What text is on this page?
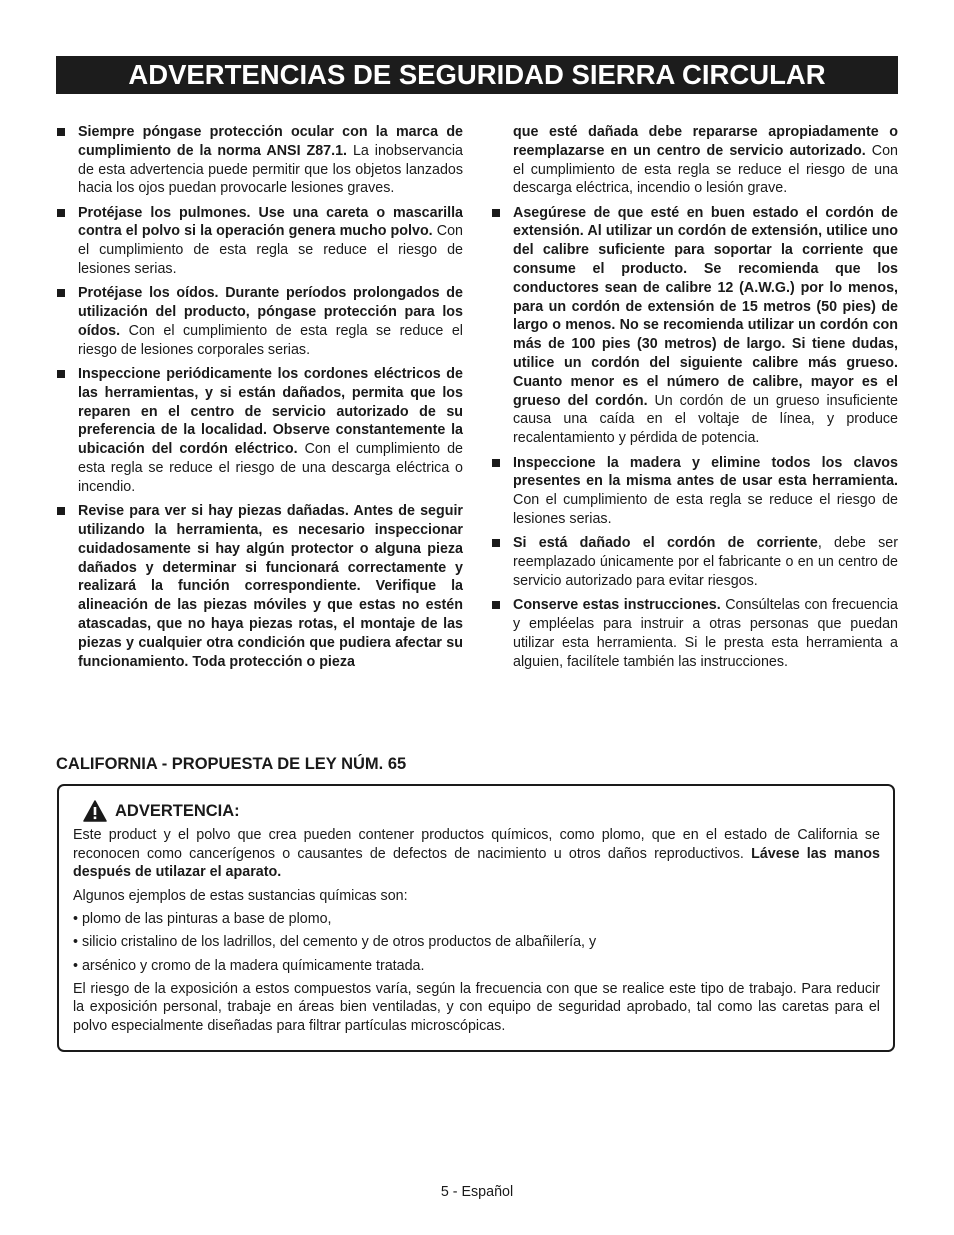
ADVERTENCIAS DE SEGURIDAD SIERRA CIRCULAR
Siempre póngase protección ocular con la marca de cumplimiento de la norma ANSI Z87.1. La inobservancia de esta advertencia puede permitir que los objetos lanzados hacia los ojos puedan provocarle lesiones graves.
Protéjase los pulmones. Use una careta o mascarilla contra el polvo si la operación genera mucho polvo. Con el cumplimiento de esta regla se reduce el riesgo de lesiones serias.
Protéjase los oídos. Durante períodos prolongados de utilización del producto, póngase protección para los oídos. Con el cumplimiento de esta regla se reduce el riesgo de lesiones corporales serias.
Inspeccione periódicamente los cordones eléctricos de las herramientas, y si están dañados, permita que los reparen en el centro de servicio autorizado de su preferencia de la localidad. Observe constantemente la ubicación del cordón eléctrico. Con el cumplimiento de esta regla se reduce el riesgo de una descarga eléctrica o incendio.
Revise para ver si hay piezas dañadas. Antes de seguir utilizando la herramienta, es necesario inspeccionar cuidadosamente si hay algún protector o alguna pieza dañados y determinar si funcionará correctamente y realizará la función correspondiente. Verifique la alineación de las piezas móviles y que estas no estén atascadas, que no haya piezas rotas, el montaje de las piezas y cualquier otra condición que pudiera afectar su funcionamiento. Toda protección o pieza
que esté dañada debe repararse apropiadamente o reemplazarse en un centro de servicio autorizado. Con el cumplimiento de esta regla se reduce el riesgo de una descarga eléctrica, incendio o lesión grave.
Asegúrese de que esté en buen estado el cordón de extensión. Al utilizar un cordón de extensión, utilice uno del calibre suficiente para soportar la corriente que consume el producto. Se recomienda que los conductores sean de calibre 12 (A.W.G.) por lo menos, para un cordón de extensión de 15 metros (50 pies) de largo o menos. No se recomienda utilizar un cordón con más de 100 pies (30 metros) de largo. Si tiene dudas, utilice un cordón del siguiente calibre más grueso. Cuanto menor es el número de calibre, mayor es el grueso del cordón. Un cordón de un grueso insuficiente causa una caída en el voltaje de línea, y produce recalentamiento y pérdida de potencia.
Inspeccione la madera y elimine todos los clavos presentes en la misma antes de usar esta herramienta. Con el cumplimiento de esta regla se reduce el riesgo de lesiones serias.
Si está dañado el cordón de corriente, debe ser reemplazado únicamente por el fabricante o en un centro de servicio autorizado para evitar riesgos.
Conserve estas instrucciones. Consúltelas con frecuencia y empléelas para instruir a otras personas que puedan utilizar esta herramienta. Si le presta esta herramienta a alguien, facilítele también las instrucciones.
CALIFORNIA - PROPUESTA DE LEY NÚM. 65
ADVERTENCIA:

Este product y el polvo que crea pueden contener productos químicos, como plomo, que en el estado de California se reconocen como cancerígenos o causantes de defectos de nacimiento u otros daños reproductivos. Lávese las manos después de utilazar el aparato.

Algunos ejemplos de estas sustancias químicas son:

• plomo de las pinturas a base de plomo,

• silicio cristalino de los ladrillos, del cemento y de otros productos de albañilería, y

• arsénico y cromo de la madera químicamente tratada.

El riesgo de la exposición a estos compuestos varía, según la frecuencia con que se realice este tipo de trabajo. Para reducir la exposición personal, trabaje en áreas bien ventiladas, y con equipo de seguridad aprobado, tal como las caretas para el polvo especialmente diseñadas para filtrar partículas microscópicas.

5 - Español
